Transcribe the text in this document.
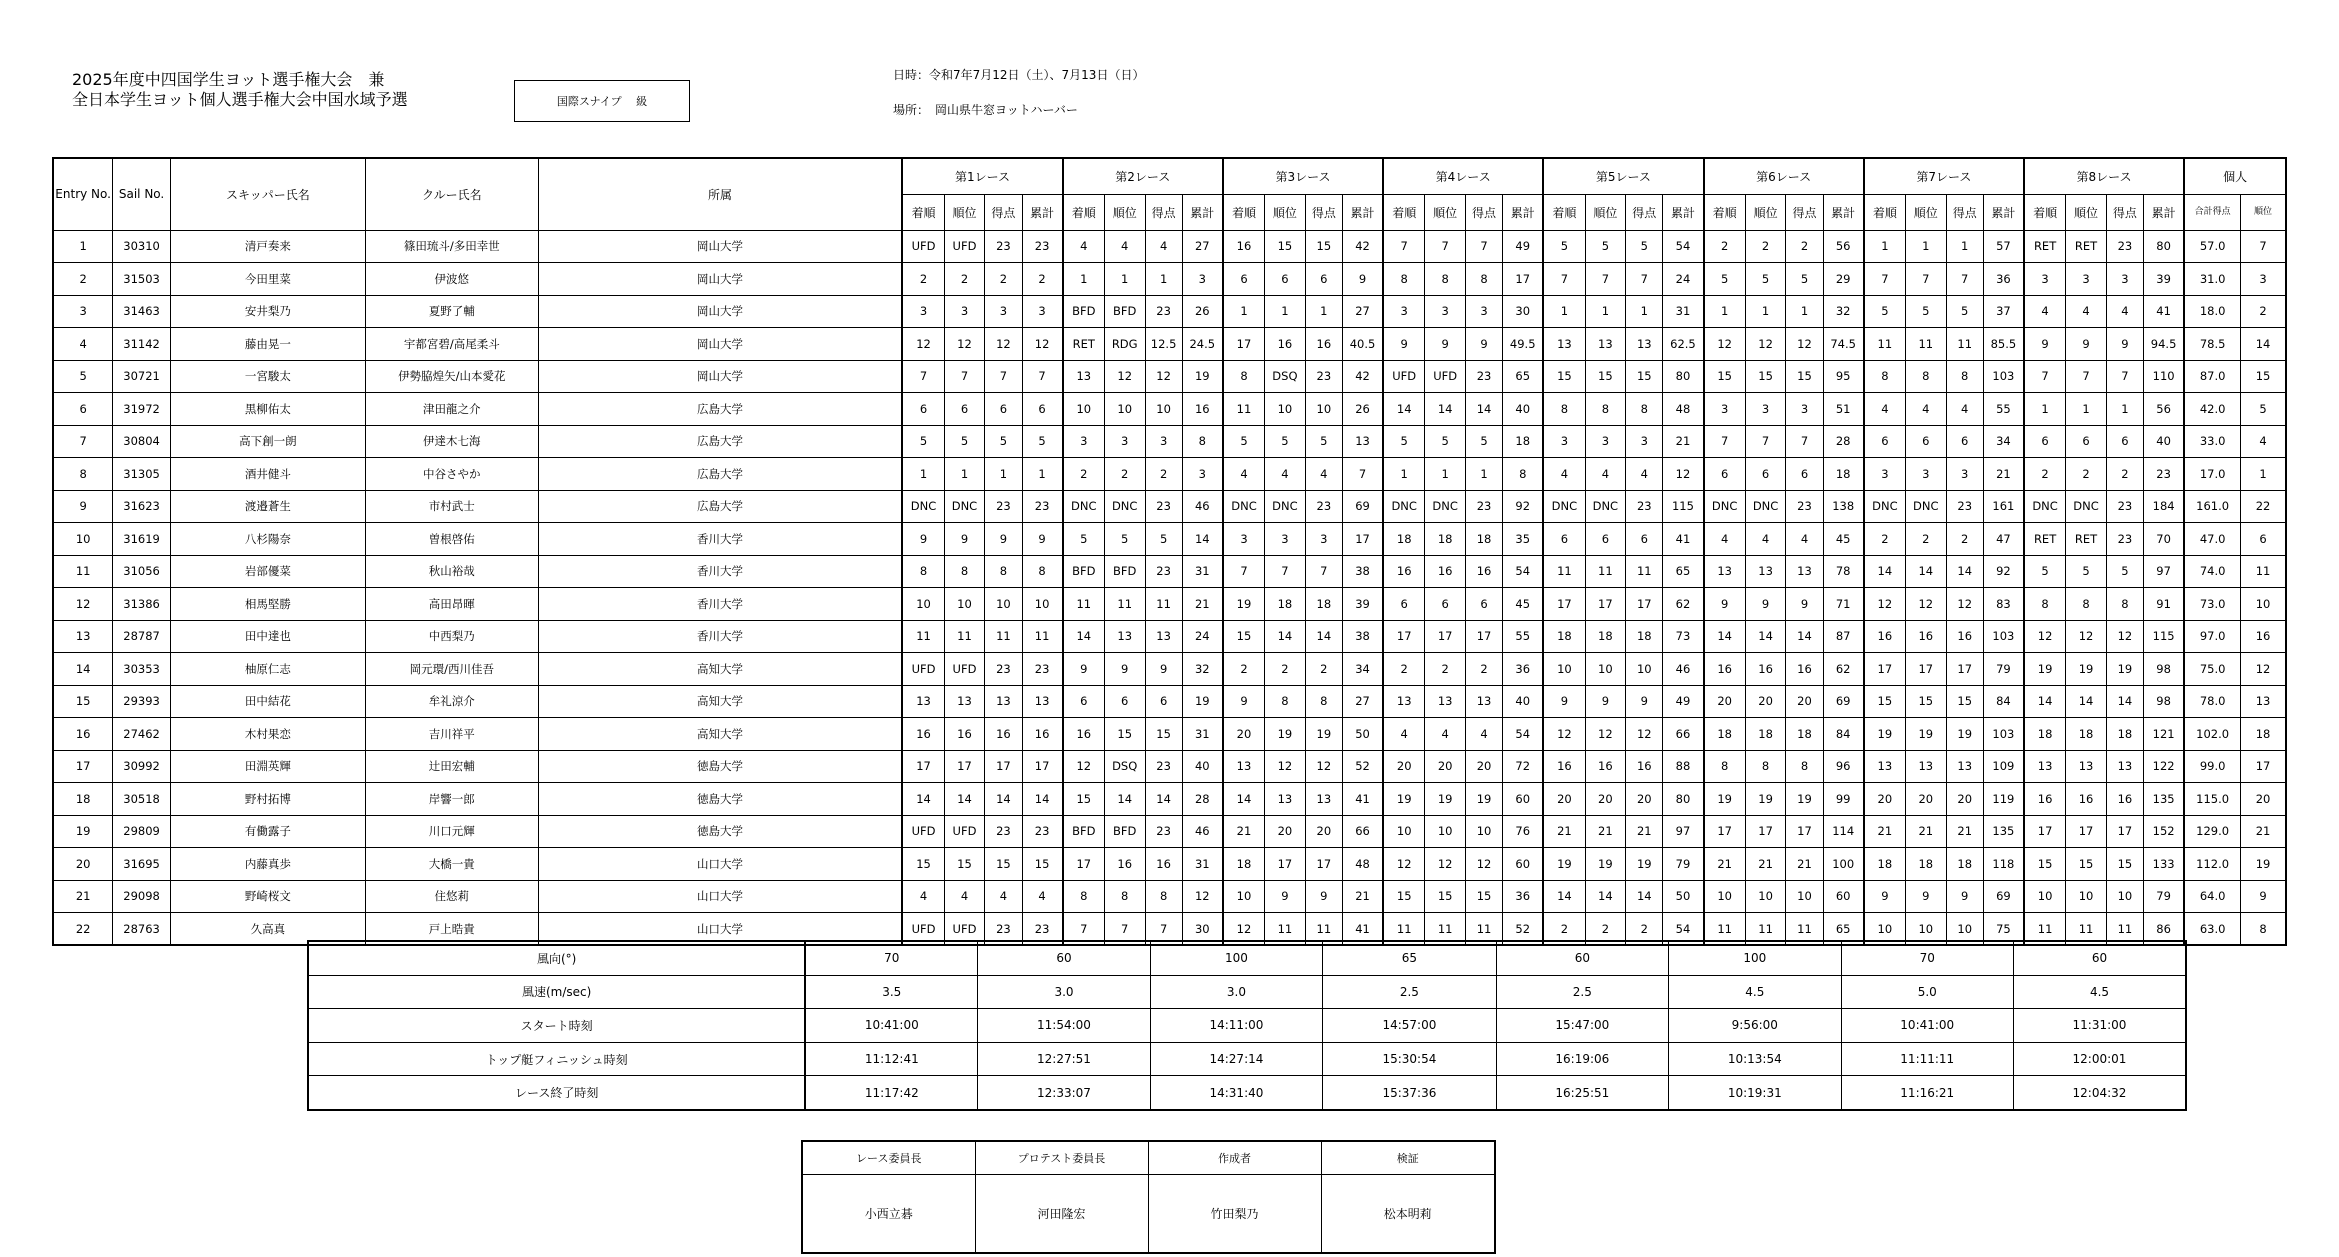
2025年度中四国学生ヨット選手権大会　兼
全日本学生ヨット個人選手権大会中国水域予選	国際スナイプ　 級
日時：令和7年7月12日（土）、7月13日（日）
場所：　岡山県牛窓ヨットハーバー
Entry No.	Sail No.	スキッパー氏名	クルー氏名	所属	第1レース				第2レース				第3レース				第4レース				第5レース				第6レース				第7レース				第8レース				個人	
					着順	順位	得点	累計	着順	順位	得点	累計	着順	順位	得点	累計	着順	順位	得点	累計	着順	順位	得点	累計	着順	順位	得点	累計	着順	順位	得点	累計	着順	順位	得点	累計	合計得点	順位
1	30310	清戸奏来	篠田琉斗/多田幸世	岡山大学	UFD	UFD	23	23	4	4	4	27	16	15	15	42	7	7	7	49	5	5	5	54	2	2	2	56	1	1	1	57	RET	RET	23	80	57.0	7
2	31503	今田里菜	伊波悠	岡山大学	2	2	2	2	1	1	1	3	6	6	6	9	8	8	8	17	7	7	7	24	5	5	5	29	7	7	7	36	3	3	3	39	31.0	3
3	31463	安井梨乃	夏野了輔	岡山大学	3	3	3	3	BFD	BFD	23	26	1	1	1	27	3	3	3	30	1	1	1	31	1	1	1	32	5	5	5	37	4	4	4	41	18.0	2
4	31142	藤由晃一	宇都宮碧/高尾柔斗	岡山大学	12	12	12	12	RET	RDG	12.5	24.5	17	16	16	40.5	9	9	9	49.5	13	13	13	62.5	12	12	12	74.5	11	11	11	85.5	9	9	9	94.5	78.5	14
5	30721	一宮駿太	伊勢脇煌矢/山本愛花	岡山大学	7	7	7	7	13	12	12	19	8	DSQ	23	42	UFD	UFD	23	65	15	15	15	80	15	15	15	95	8	8	8	103	7	7	7	110	87.0	15
6	31972	黒柳佑太	津田龍之介	広島大学	6	6	6	6	10	10	10	16	11	10	10	26	14	14	14	40	8	8	8	48	3	3	3	51	4	4	4	55	1	1	1	56	42.0	5
7	30804	高下創一朗	伊達木七海	広島大学	5	5	5	5	3	3	3	8	5	5	5	13	5	5	5	18	3	3	3	21	7	7	7	28	6	6	6	34	6	6	6	40	33.0	4
8	31305	酒井健斗	中谷さやか	広島大学	1	1	1	1	2	2	2	3	4	4	4	7	1	1	1	8	4	4	4	12	6	6	6	18	3	3	3	21	2	2	2	23	17.0	1
9	31623	渡邉蒼生	市村武士	広島大学	DNC	DNC	23	23	DNC	DNC	23	46	DNC	DNC	23	69	DNC	DNC	23	92	DNC	DNC	23	115	DNC	DNC	23	138	DNC	DNC	23	161	DNC	DNC	23	184	161.0	22
10	31619	八杉陽奈	曽根啓佑	香川大学	9	9	9	9	5	5	5	14	3	3	3	17	18	18	18	35	6	6	6	41	4	4	4	45	2	2	2	47	RET	RET	23	70	47.0	6
11	31056	岩部優菜	秋山裕哉	香川大学	8	8	8	8	BFD	BFD	23	31	7	7	7	38	16	16	16	54	11	11	11	65	13	13	13	78	14	14	14	92	5	5	5	97	74.0	11
12	31386	相馬堅勝	高田昂暉	香川大学	10	10	10	10	11	11	11	21	19	18	18	39	6	6	6	45	17	17	17	62	9	9	9	71	12	12	12	83	8	8	8	91	73.0	10
13	28787	田中達也	中西梨乃	香川大学	11	11	11	11	14	13	13	24	15	14	14	38	17	17	17	55	18	18	18	73	14	14	14	87	16	16	16	103	12	12	12	115	97.0	16
14	30353	柚原仁志	岡元環/西川佳吾	高知大学	UFD	UFD	23	23	9	9	9	32	2	2	2	34	2	2	2	36	10	10	10	46	16	16	16	62	17	17	17	79	19	19	19	98	75.0	12
15	29393	田中結花	牟礼涼介	高知大学	13	13	13	13	6	6	6	19	9	8	8	27	13	13	13	40	9	9	9	49	20	20	20	69	15	15	15	84	14	14	14	98	78.0	13
16	27462	木村果恋	吉川祥平	高知大学	16	16	16	16	16	15	15	31	20	19	19	50	4	4	4	54	12	12	12	66	18	18	18	84	19	19	19	103	18	18	18	121	102.0	18
17	30992	田淵英輝	辻田宏輔	徳島大学	17	17	17	17	12	DSQ	23	40	13	12	12	52	20	20	20	72	16	16	16	88	8	8	8	96	13	13	13	109	13	13	13	122	99.0	17
18	30518	野村拓博	岸響一郎	徳島大学	14	14	14	14	15	14	14	28	14	13	13	41	19	19	19	60	20	20	20	80	19	19	19	99	20	20	20	119	16	16	16	135	115.0	20
19	29809	有働露子	川口元輝	徳島大学	UFD	UFD	23	23	BFD	BFD	23	46	21	20	20	66	10	10	10	76	21	21	21	97	17	17	17	114	21	21	21	135	17	17	17	152	129.0	21
20	31695	内藤真歩	大橋一貴	山口大学	15	15	15	15	17	16	16	31	18	17	17	48	12	12	12	60	19	19	19	79	21	21	21	100	18	18	18	118	15	15	15	133	112.0	19
21	29098	野崎桜文	住悠莉	山口大学	4	4	4	4	8	8	8	12	10	9	9	21	15	15	15	36	14	14	14	50	10	10	10	60	9	9	9	69	10	10	10	79	64.0	9
22	28763	久高真	戸上晧貴	山口大学	UFD	UFD	23	23	7	7	7	30	12	11	11	41	11	11	11	52	2	2	2	54	11	11	11	65	10	10	10	75	11	11	11	86	63.0	8
風向(°)	70	60	100	65	60	100	70	60
風速(m/sec)	3.5	3.0	3.0	2.5	2.5	4.5	5.0	4.5
スタート時刻	10:41:00	11:54:00	14:11:00	14:57:00	15:47:00	9:56:00	10:41:00	11:31:00
トップ艇フィニッシュ時刻	11:12:41	12:27:51	14:27:14	15:30:54	16:19:06	10:13:54	11:11:11	12:00:01
レース終了時刻	11:17:42	12:33:07	14:31:40	15:37:36	16:25:51	10:19:31	11:16:21	12:04:32
レース委員長	プロテスト委員長	作成者	検証
小西立碁	河田隆宏	竹田梨乃	松本明莉
